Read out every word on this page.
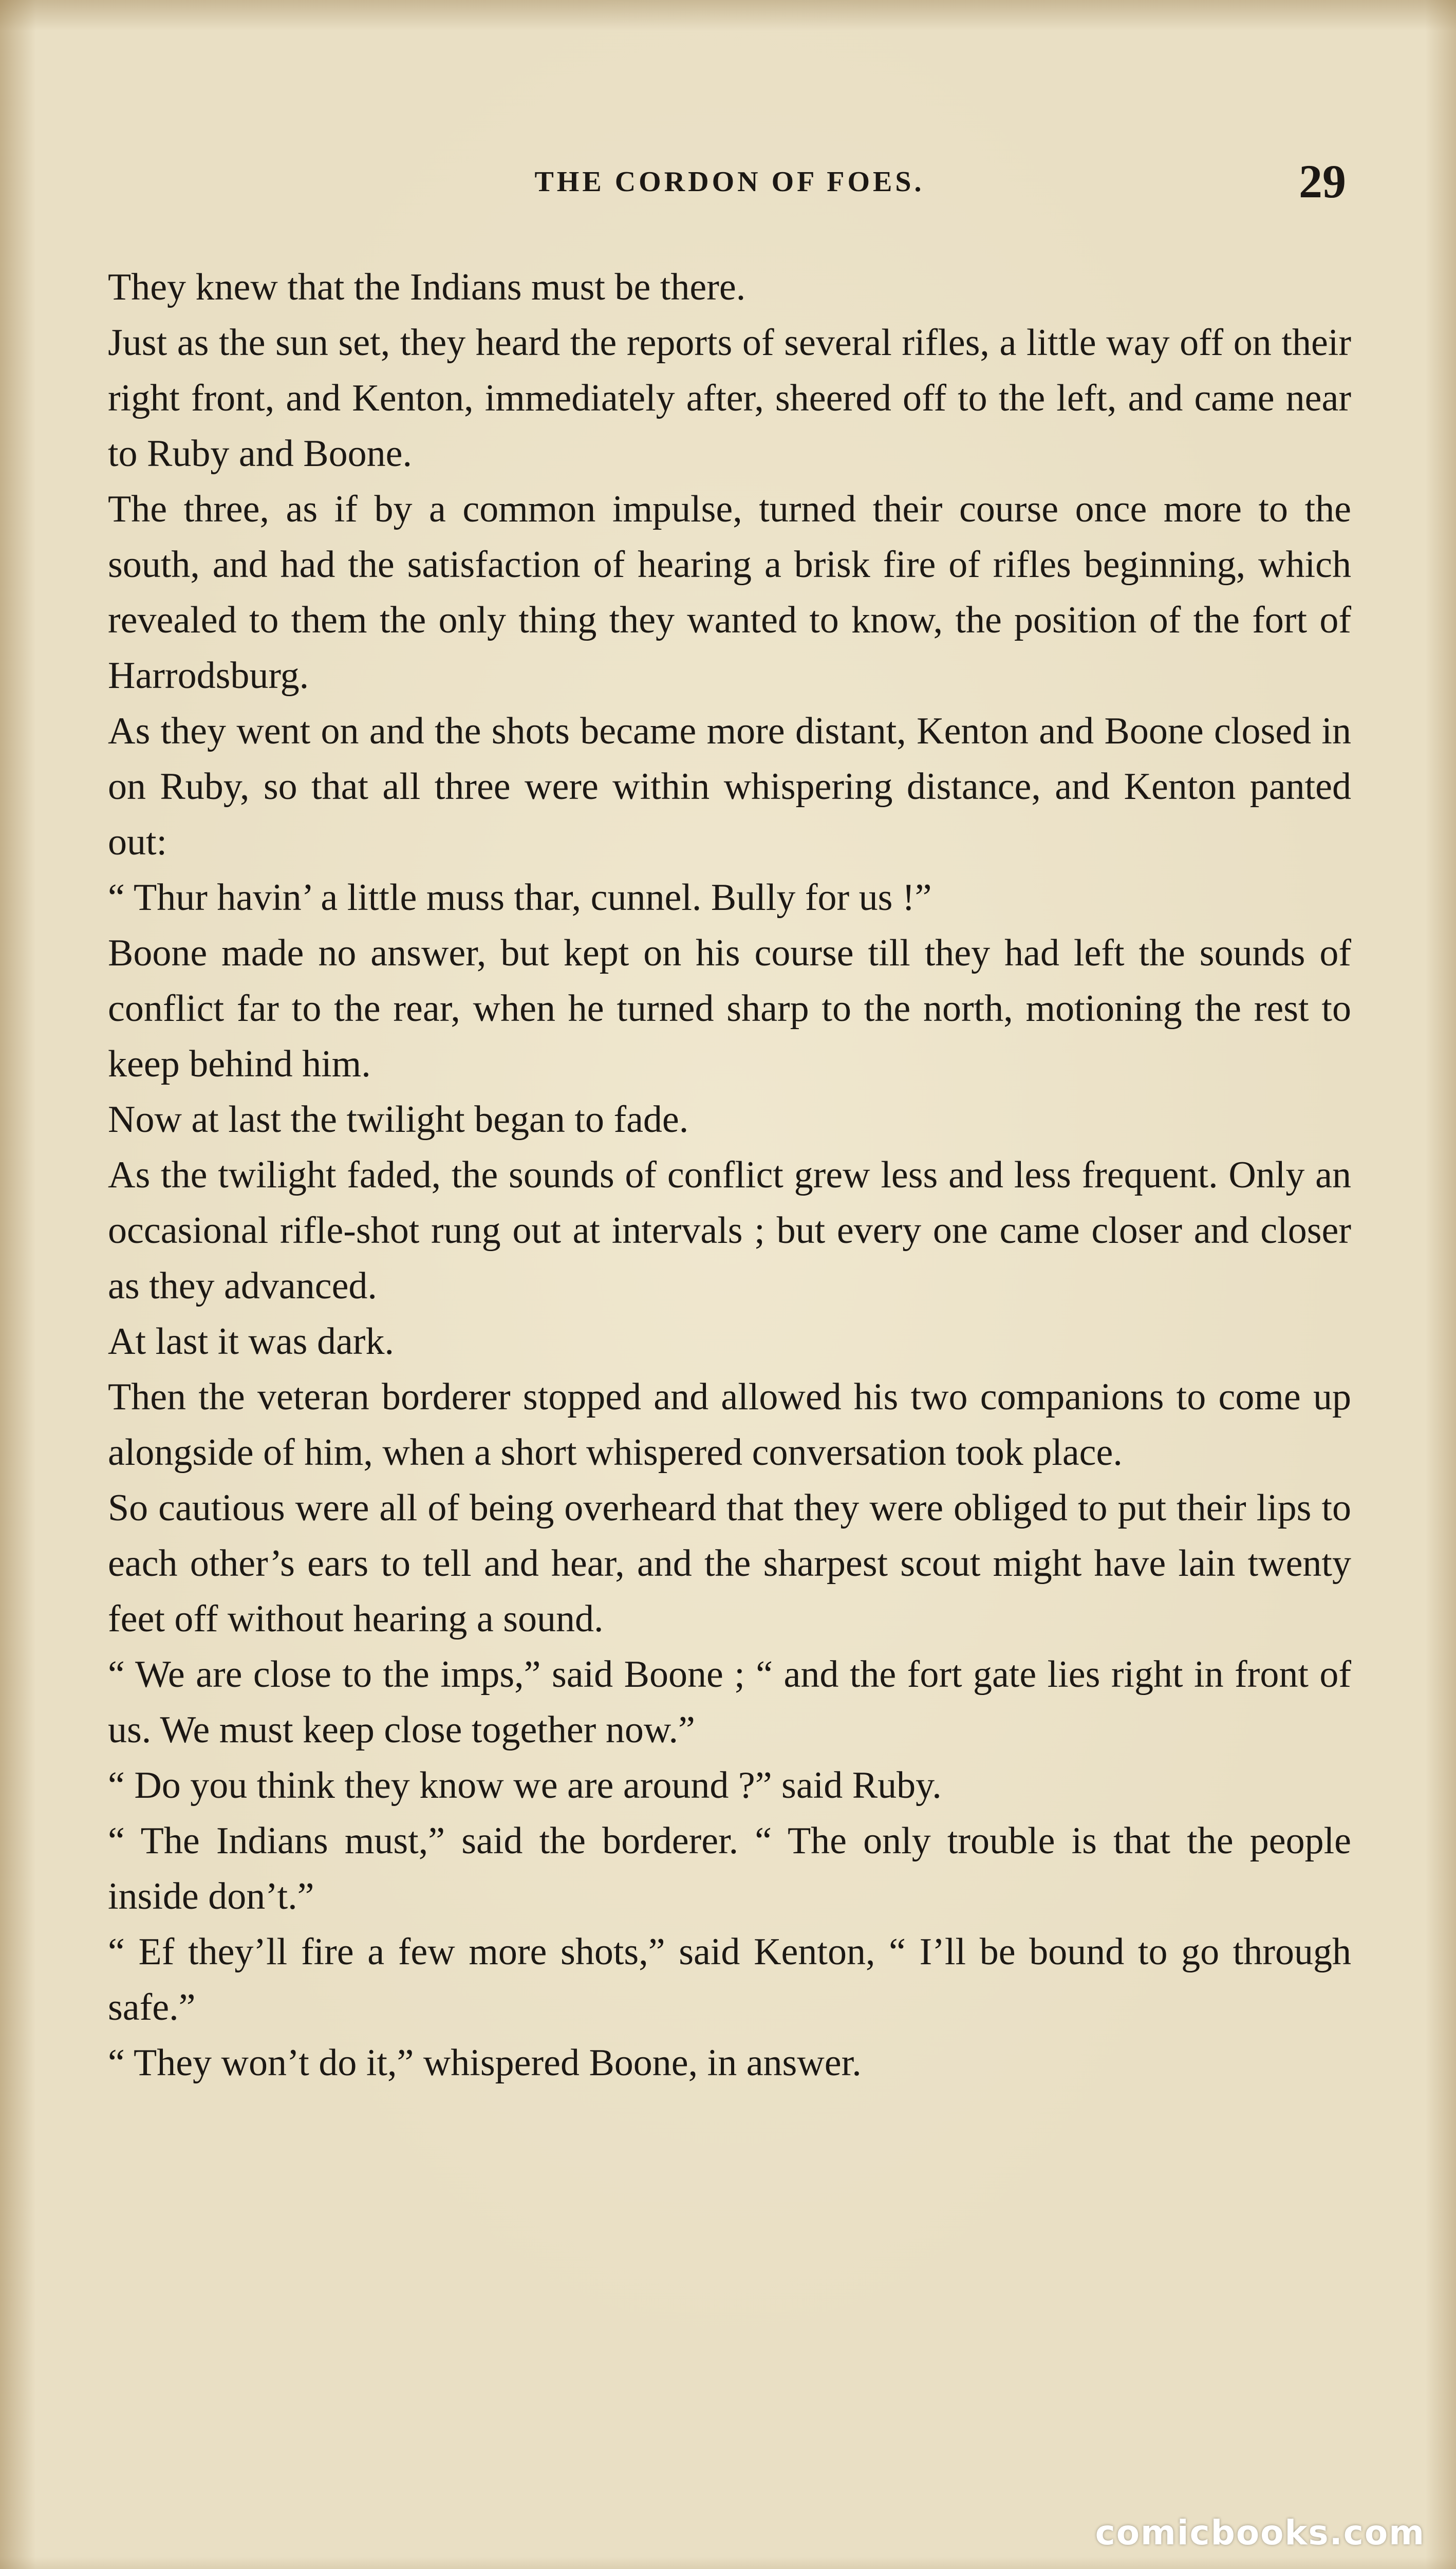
THE CORDON OF FOES.	29

They knew that the Indians must be there.

Just as the sun set, they heard the reports of several rifles, a little way off on their right front, and Kenton, immediately after, sheered off to the left, and came near to Ruby and Boone.

The three, as if by a common impulse, turned their course once more to the south, and had the satisfaction of hearing a brisk fire of rifles beginning, which revealed to them the only thing they wanted to know, the position of the fort of Harrodsburg.

As they went on and the shots became more distant, Kenton and Boone closed in on Ruby, so that all three were within whispering distance, and Kenton panted out:

“ Thur havin’ a little muss thar, cunnel. Bully for us !”

Boone made no answer, but kept on his course till they had left the sounds of conflict far to the rear, when he turned sharp to the north, motioning the rest to keep behind him.

Now at last the twilight began to fade.

As the twilight faded, the sounds of conflict grew less and less frequent. Only an occasional rifle-shot rung out at intervals ; but every one came closer and closer as they advanced.

At last it was dark.

Then the veteran borderer stopped and allowed his two companions to come up alongside of him, when a short whispered conversation took place.

So cautious were all of being overheard that they were obliged to put their lips to each other’s ears to tell and hear, and the sharpest scout might have lain twenty feet off without hearing a sound.

“ We are close to the imps,” said Boone ; “ and the fort gate lies right in front of us. We must keep close together now.”

“ Do you think they know we are around ?” said Ruby.

“ The Indians must,” said the borderer. “ The only trouble is that the people inside don’t.”

“ Ef they’ll fire a few more shots,” said Kenton, “ I’ll be bound to go through safe.”

“ They won’t do it,” whispered Boone, in answer.

comicbooks.com
